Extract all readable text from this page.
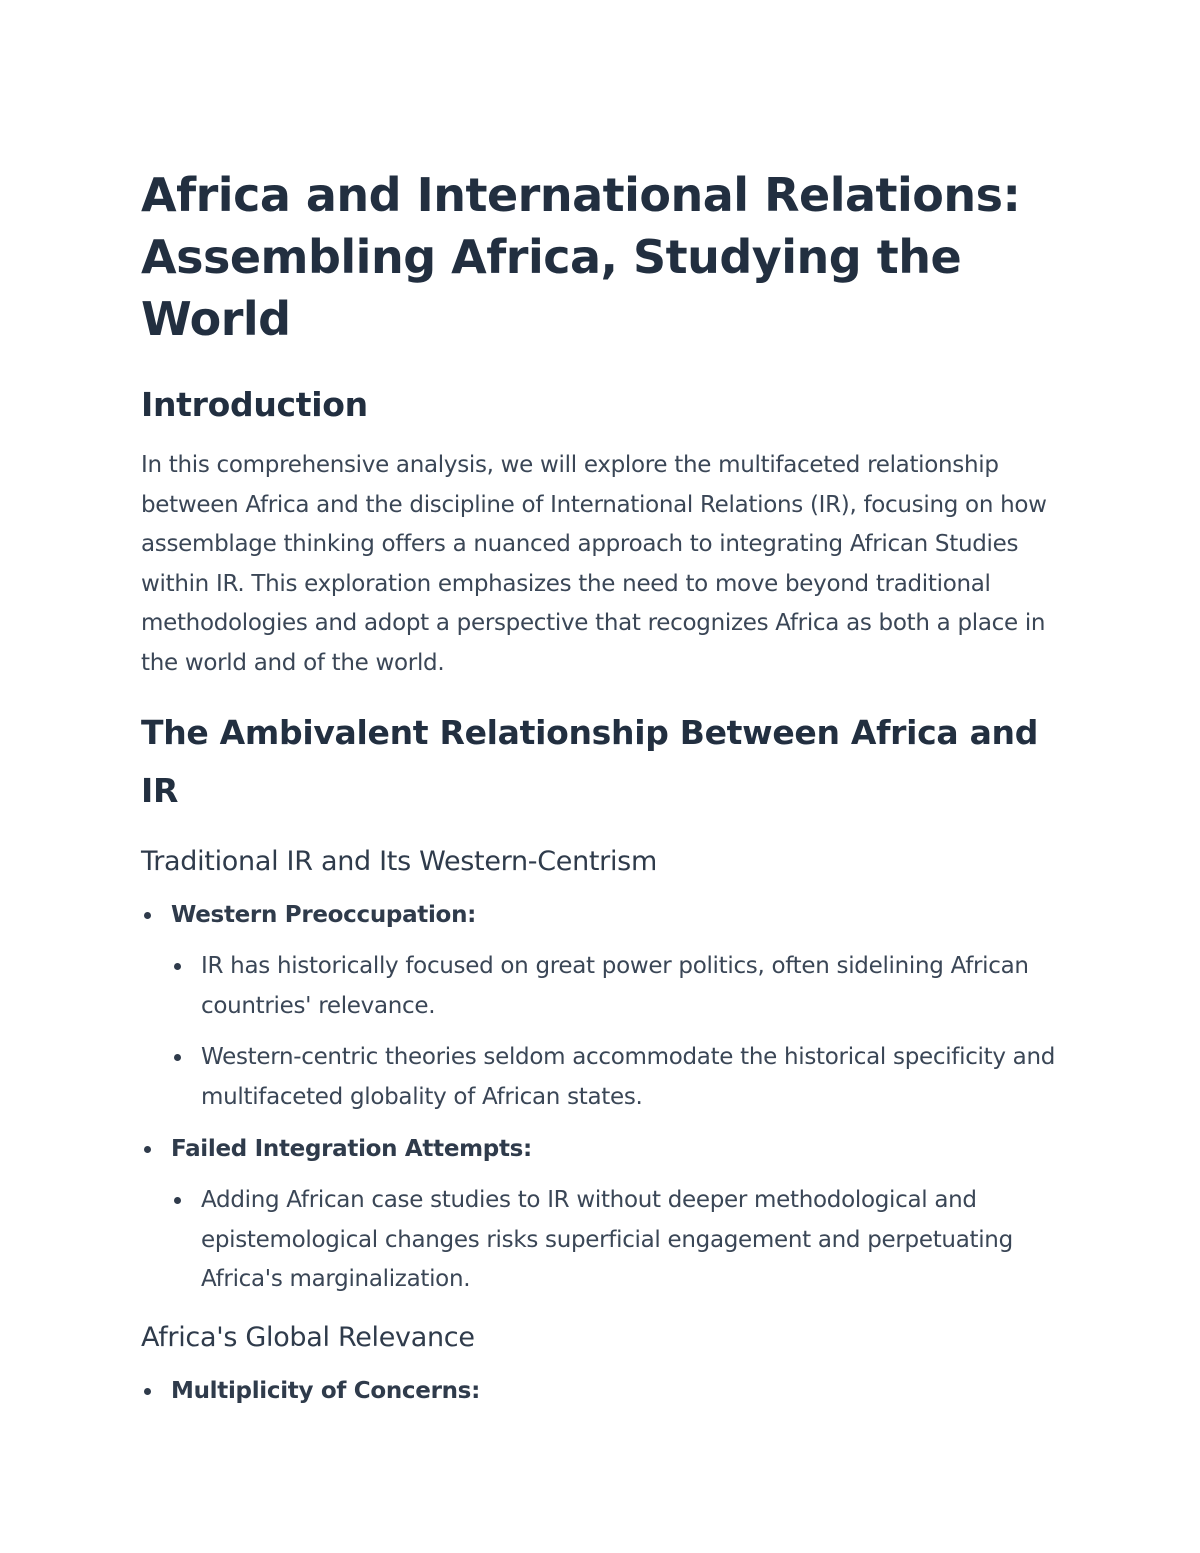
Africa and International Relations:
Assembling Africa, Studying the World
Introduction

In this comprehensive analysis, we will explore the multifaceted relationship between Africa and the discipline of International Relations (IR), focusing on how assemblage thinking offers a nuanced approach to integrating African Studies within IR. This exploration emphasizes the need to move beyond traditional methodologies and adopt a perspective that recognizes Africa as both a place in the world and of the world.

The Ambivalent Relationship Between Africa and IR
Traditional IR and Its Western-Centrism
Western Preoccupation:
IR has historically focused on great power politics, often sidelining African countries' relevance.
Western-centric theories seldom accommodate the historical specificity and multifaceted globality of African states.
Failed Integration Attempts:
Adding African case studies to IR without deeper methodological and epistemological changes risks superficial engagement and perpetuating Africa's marginalization.
Africa's Global Relevance
Multiplicity of Concerns:
